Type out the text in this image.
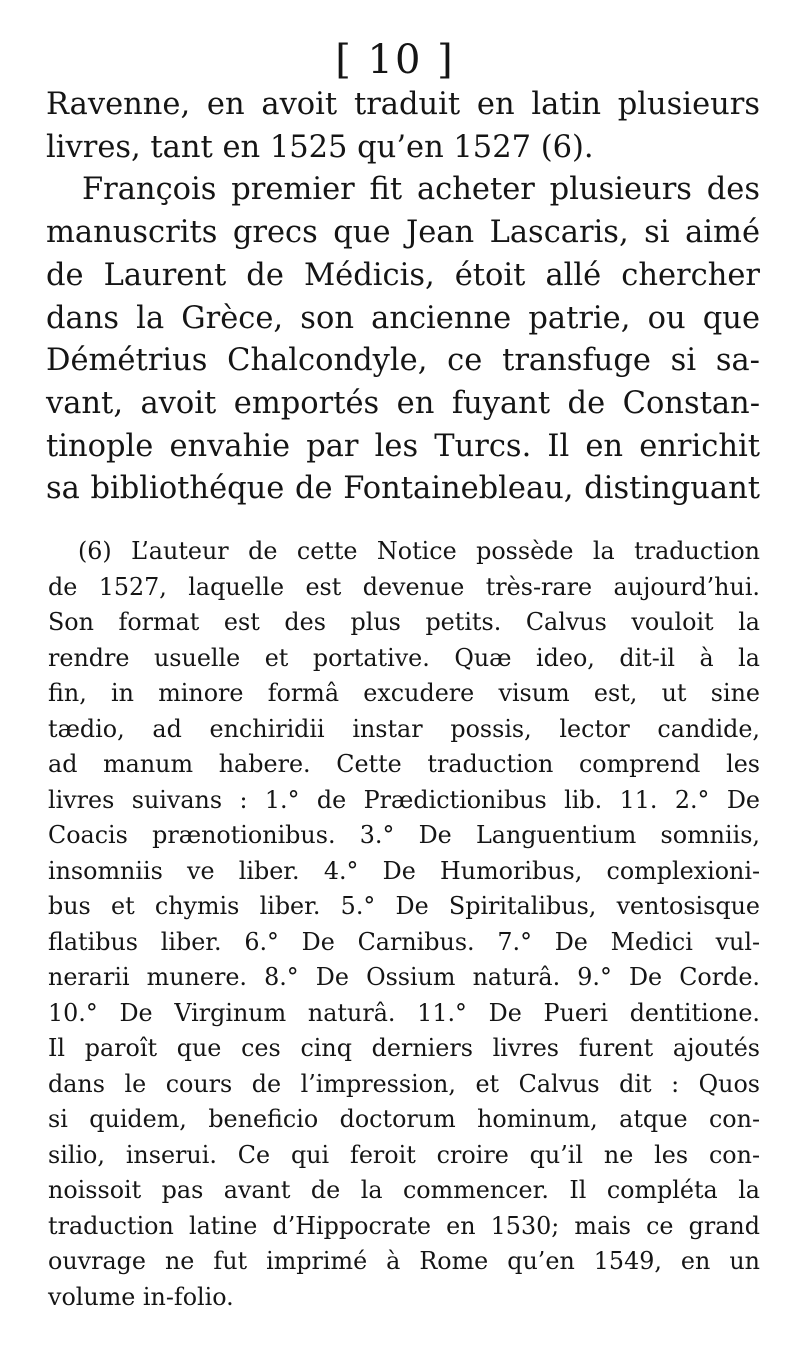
[ 10 ]
Ravenne, en avoit traduit en latin plusieurs
livres, tant en 1525 qu’en 1527 (6).
François premier fit acheter plusieurs des
manuscrits grecs que Jean Lascaris, si aimé
de Laurent de Médicis, étoit allé chercher
dans la Grèce, son ancienne patrie, ou que
Démétrius Chalcondyle, ce transfuge si sa-
vant, avoit emportés en fuyant de Constan-
tinople envahie par les Turcs. Il en enrichit
sa bibliothéque de Fontainebleau, distinguant
(6) L’auteur de cette Notice possède la traduction
de 1527, laquelle est devenue très-rare aujourd’hui.
Son format est des plus petits. Calvus vouloit la
rendre usuelle et portative. Quæ ideo, dit-il à la
fin, in minore formâ excudere visum est, ut sine
tædio, ad enchiridii instar possis, lector candide,
ad manum habere. Cette traduction comprend les
livres suivans : 1.° de Prædictionibus lib. 11. 2.° De
Coacis prænotionibus. 3.° De Languentium somniis,
insomniis ve liber. 4.° De Humoribus, complexioni-
bus et chymis liber. 5.° De Spiritalibus, ventosisque
flatibus liber. 6.° De Carnibus. 7.° De Medici vul-
nerarii munere. 8.° De Ossium naturâ. 9.° De Corde.
10.° De Virginum naturâ. 11.° De Pueri dentitione.
Il paroît que ces cinq derniers livres furent ajoutés
dans le cours de l’impression, et Calvus dit : Quos
si quidem, beneficio doctorum hominum, atque con-
silio, inserui. Ce qui feroit croire qu’il ne les con-
noissoit pas avant de la commencer. Il compléta la
traduction latine d’Hippocrate en 1530; mais ce grand
ouvrage ne fut imprimé à Rome qu’en 1549, en un
volume in-folio.
